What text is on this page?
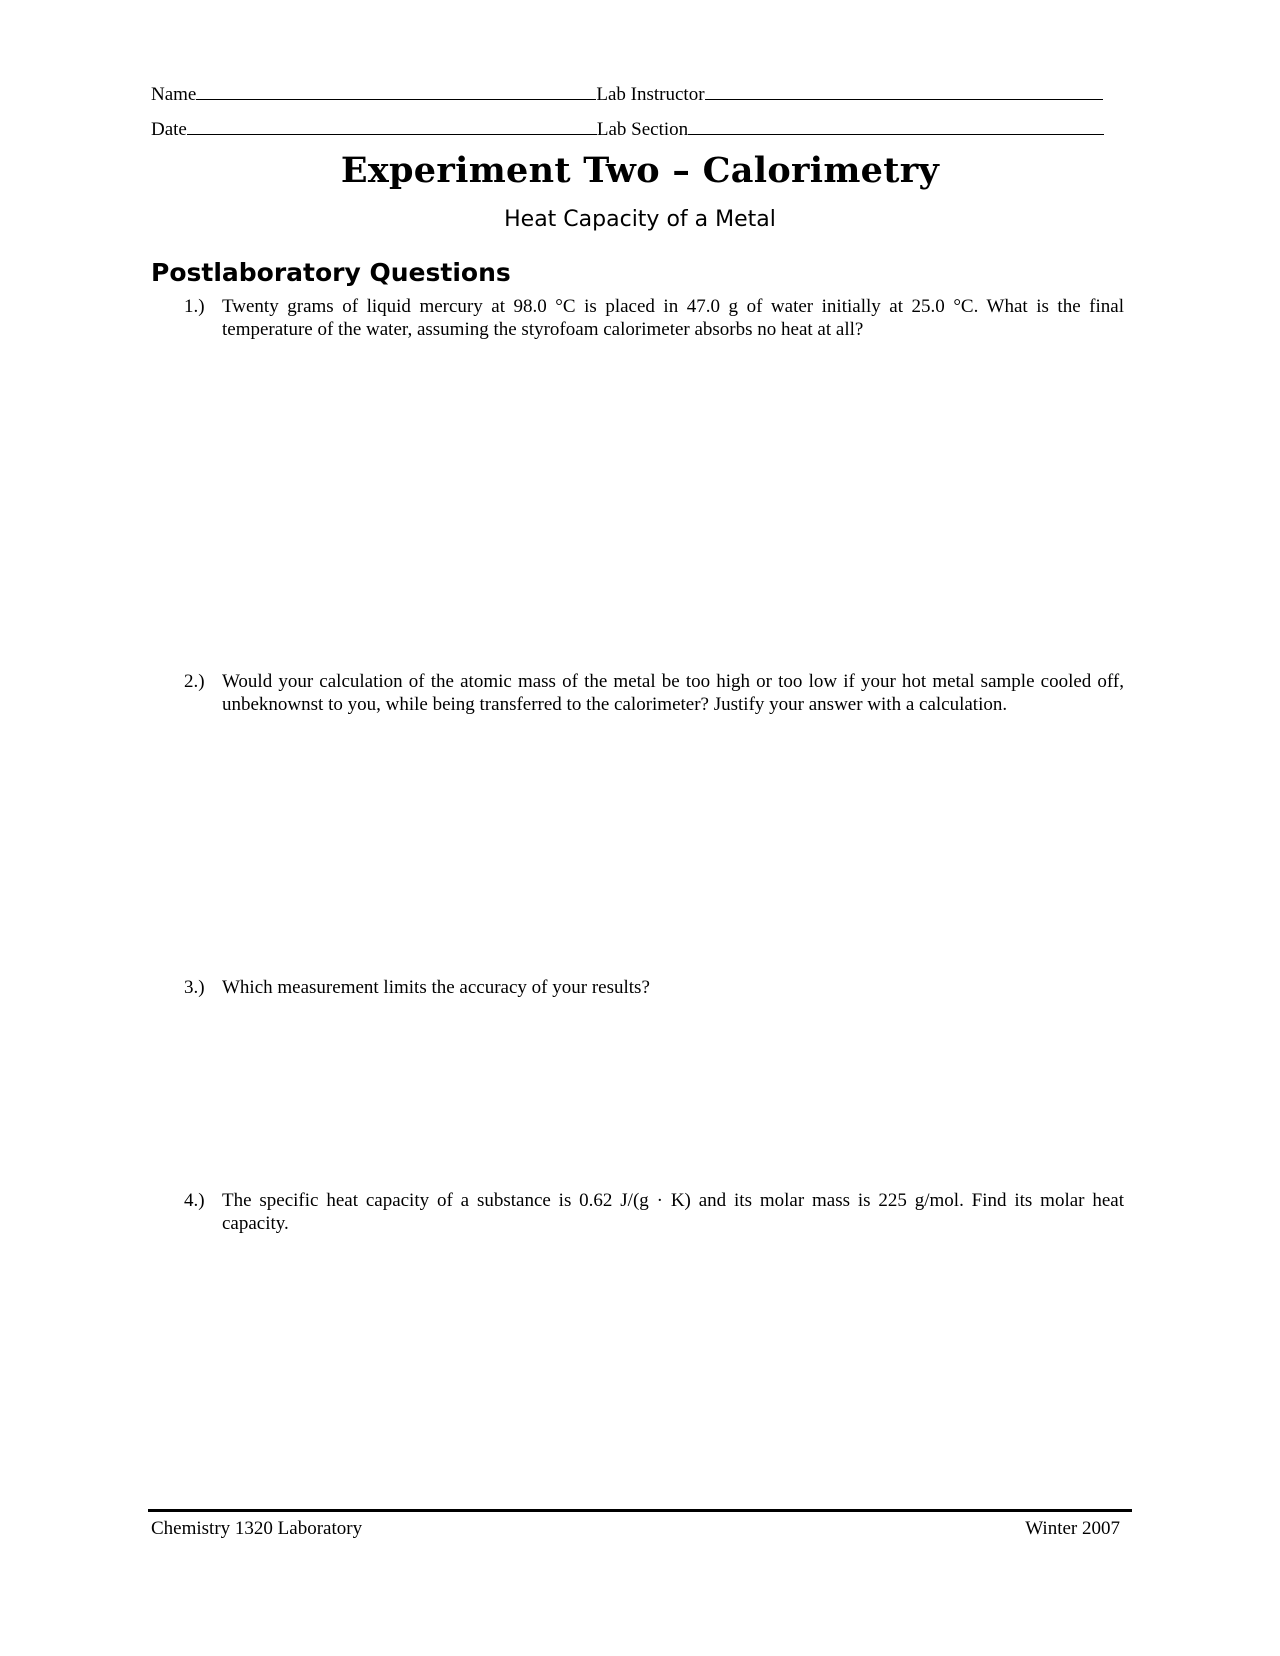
Name	Lab Instructor
Date	Lab Section
Experiment Two – Calorimetry
Heat Capacity of a Metal
Postlaboratory Questions
1.) Twenty grams of liquid mercury at 98.0 °C is placed in 47.0 g of water initially at 25.0 °C. What is the final temperature of the water, assuming the styrofoam calorimeter absorbs no heat at all?
2.) Would your calculation of the atomic mass of the metal be too high or too low if your hot metal sample cooled off, unbeknownst to you, while being transferred to the calorimeter? Justify your answer with a calculation.
3.) Which measurement limits the accuracy of your results?
4.) The specific heat capacity of a substance is 0.62 J/(g · K) and its molar mass is 225 g/mol. Find its molar heat capacity.
Chemistry 1320 Laboratory	Winter 2007
